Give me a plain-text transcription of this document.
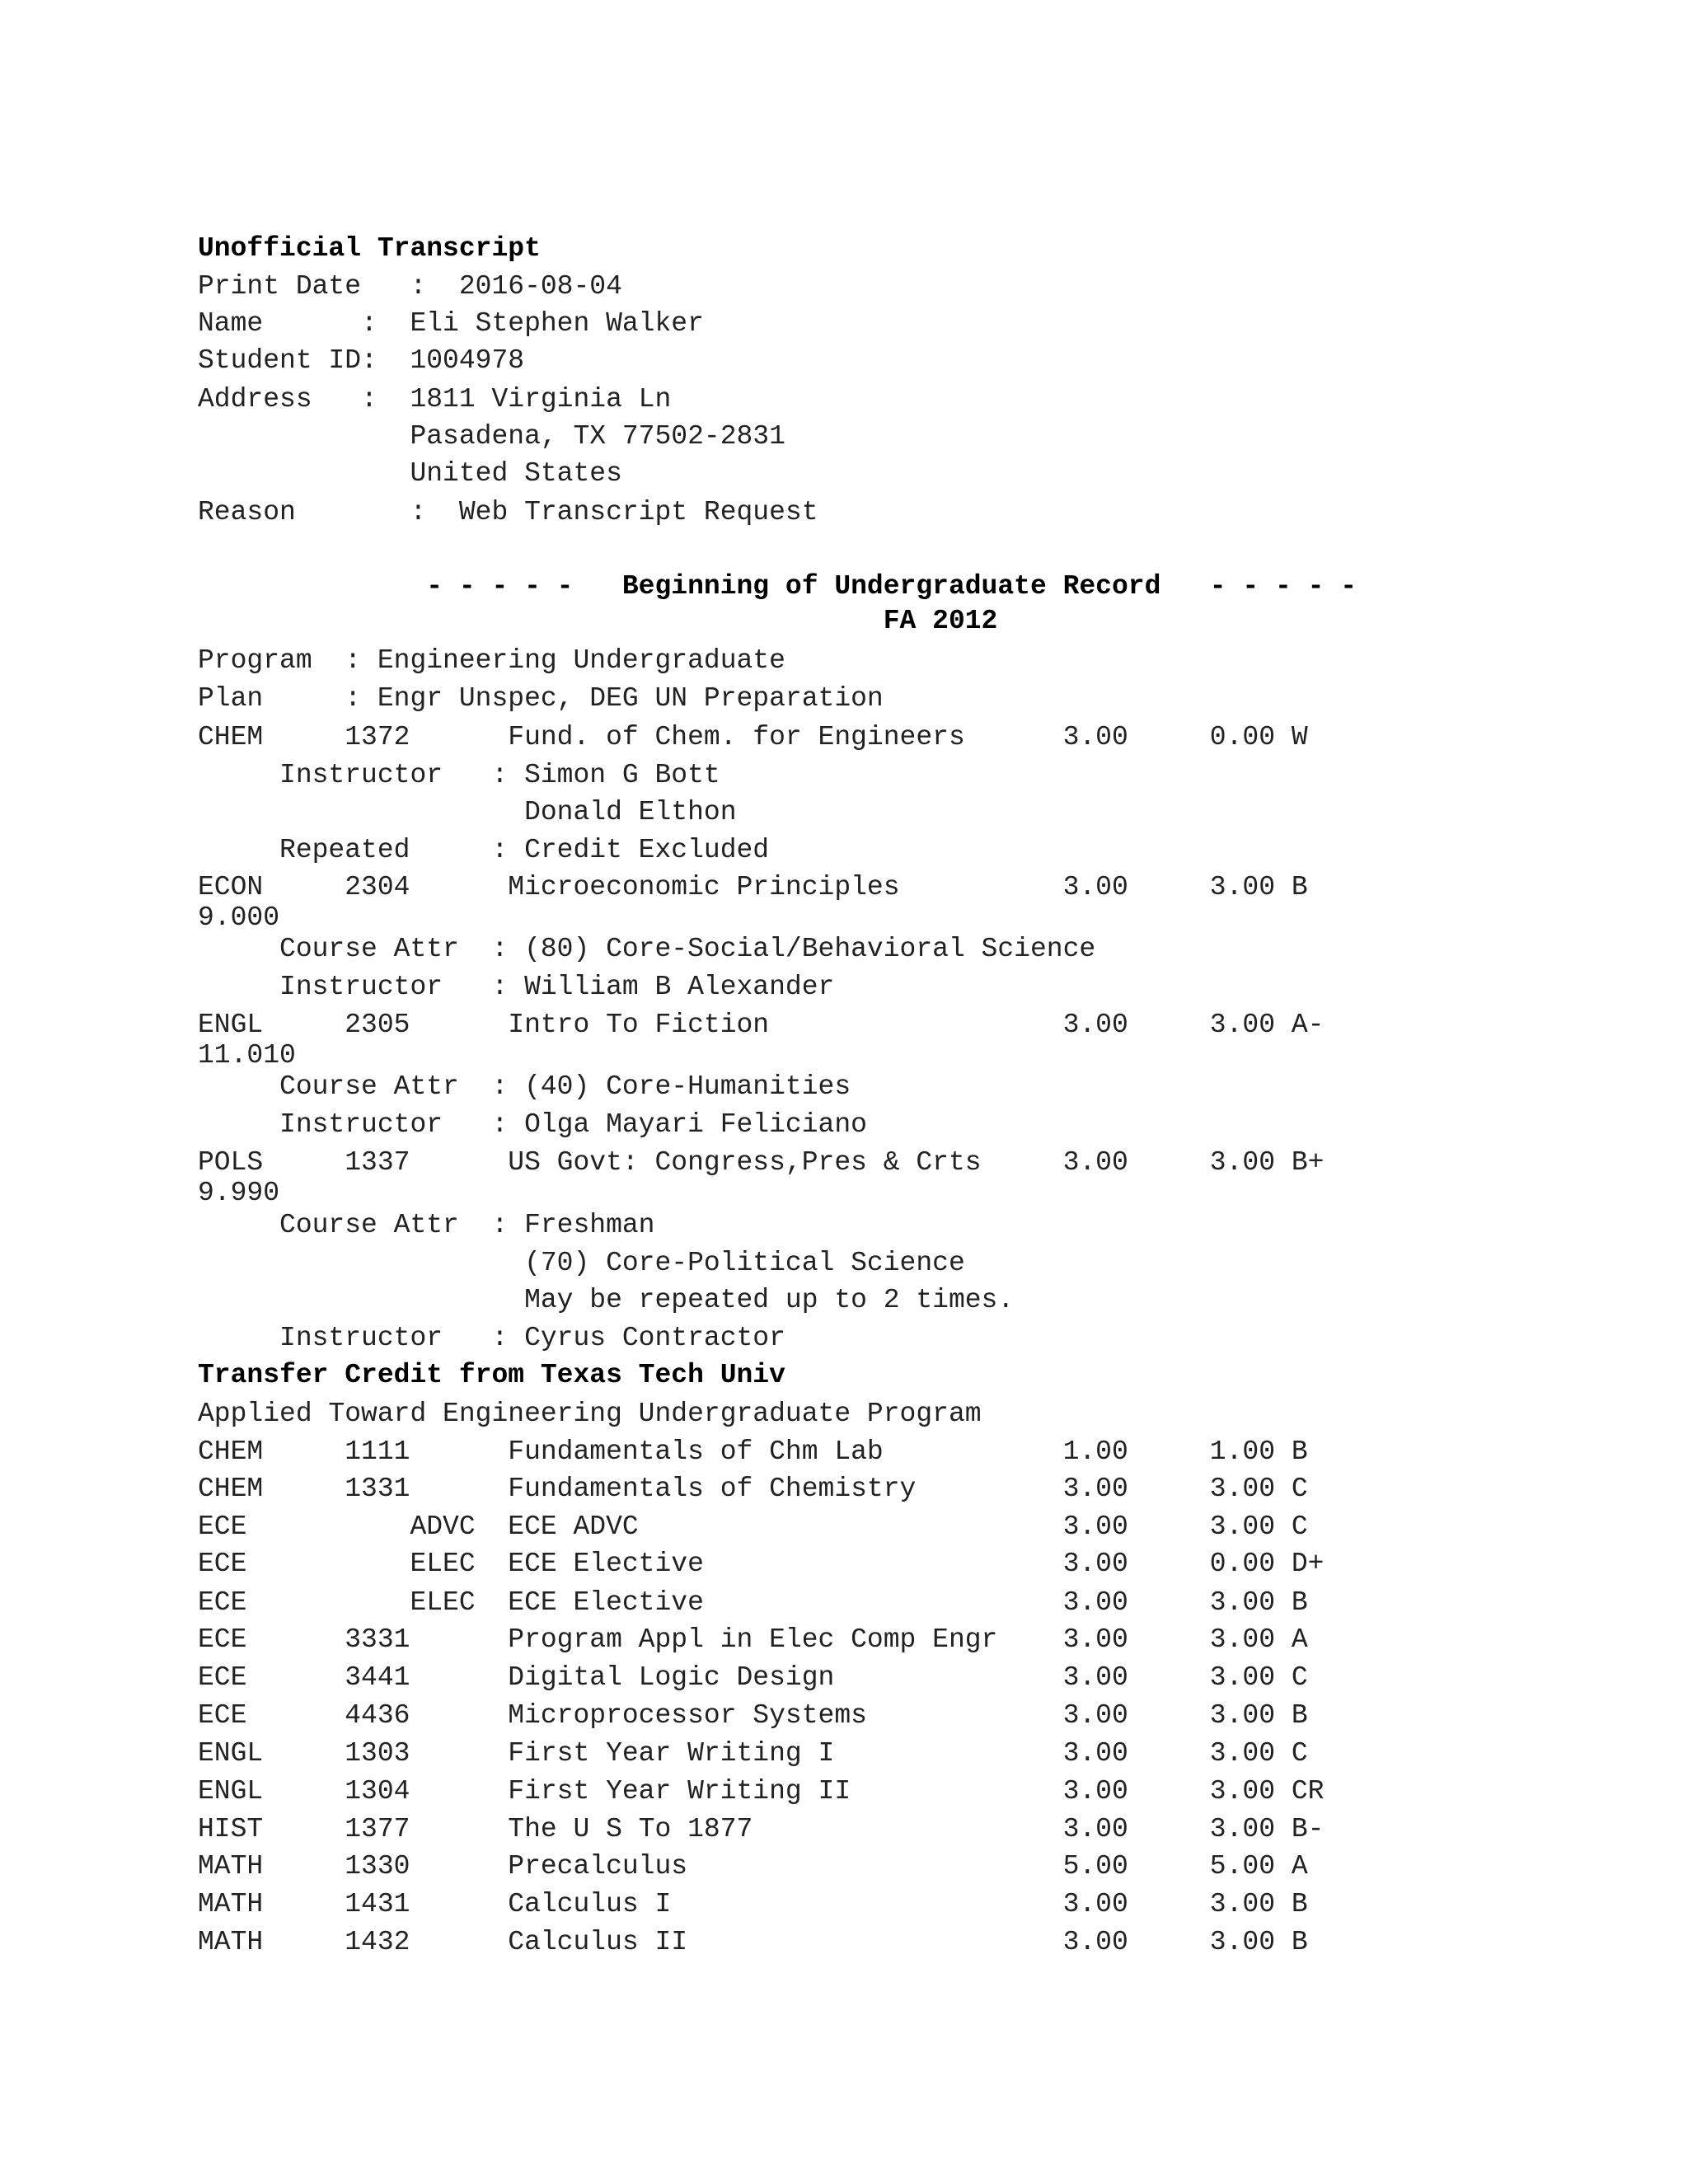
Unofficial Transcript

Print Date   :  2016-08-04

Name      :  Eli Stephen Walker

Student ID:  1004978

Address   :  1811 Virginia Ln

Pasadena, TX 77502-2831

United States

Reason       :  Web Transcript Request

- - - - -   Beginning of Undergraduate Record   - - - - -

FA 2012

Program  : Engineering Undergraduate

Plan     : Engr Unspec, DEG UN Preparation

CHEM     1372      Fund. of Chem. for Engineers      3.00     0.00 W

Instructor   : Simon G Bott

Donald Elthon

Repeated     : Credit Excluded

ECON     2304      Microeconomic Principles          3.00     3.00 B

9.000

Course Attr  : (80) Core-Social/Behavioral Science

Instructor   : William B Alexander

ENGL     2305      Intro To Fiction                  3.00     3.00 A-

11.010

Course Attr  : (40) Core-Humanities

Instructor   : Olga Mayari Feliciano

POLS     1337      US Govt: Congress,Pres & Crts     3.00     3.00 B+

9.990

Course Attr  : Freshman

(70) Core-Political Science

May be repeated up to 2 times.

Instructor   : Cyrus Contractor

Transfer Credit from Texas Tech Univ

Applied Toward Engineering Undergraduate Program

CHEM     1111      Fundamentals of Chm Lab           1.00     1.00 B

CHEM     1331      Fundamentals of Chemistry         3.00     3.00 C

ECE          ADVC  ECE ADVC                          3.00     3.00 C

ECE          ELEC  ECE Elective                      3.00     0.00 D+

ECE          ELEC  ECE Elective                      3.00     3.00 B

ECE      3331      Program Appl in Elec Comp Engr    3.00     3.00 A

ECE      3441      Digital Logic Design              3.00     3.00 C

ECE      4436      Microprocessor Systems            3.00     3.00 B

ENGL     1303      First Year Writing I              3.00     3.00 C

ENGL     1304      First Year Writing II             3.00     3.00 CR

HIST     1377      The U S To 1877                   3.00     3.00 B-

MATH     1330      Precalculus                       5.00     5.00 A

MATH     1431      Calculus I                        3.00     3.00 B

MATH     1432      Calculus II                       3.00     3.00 B
